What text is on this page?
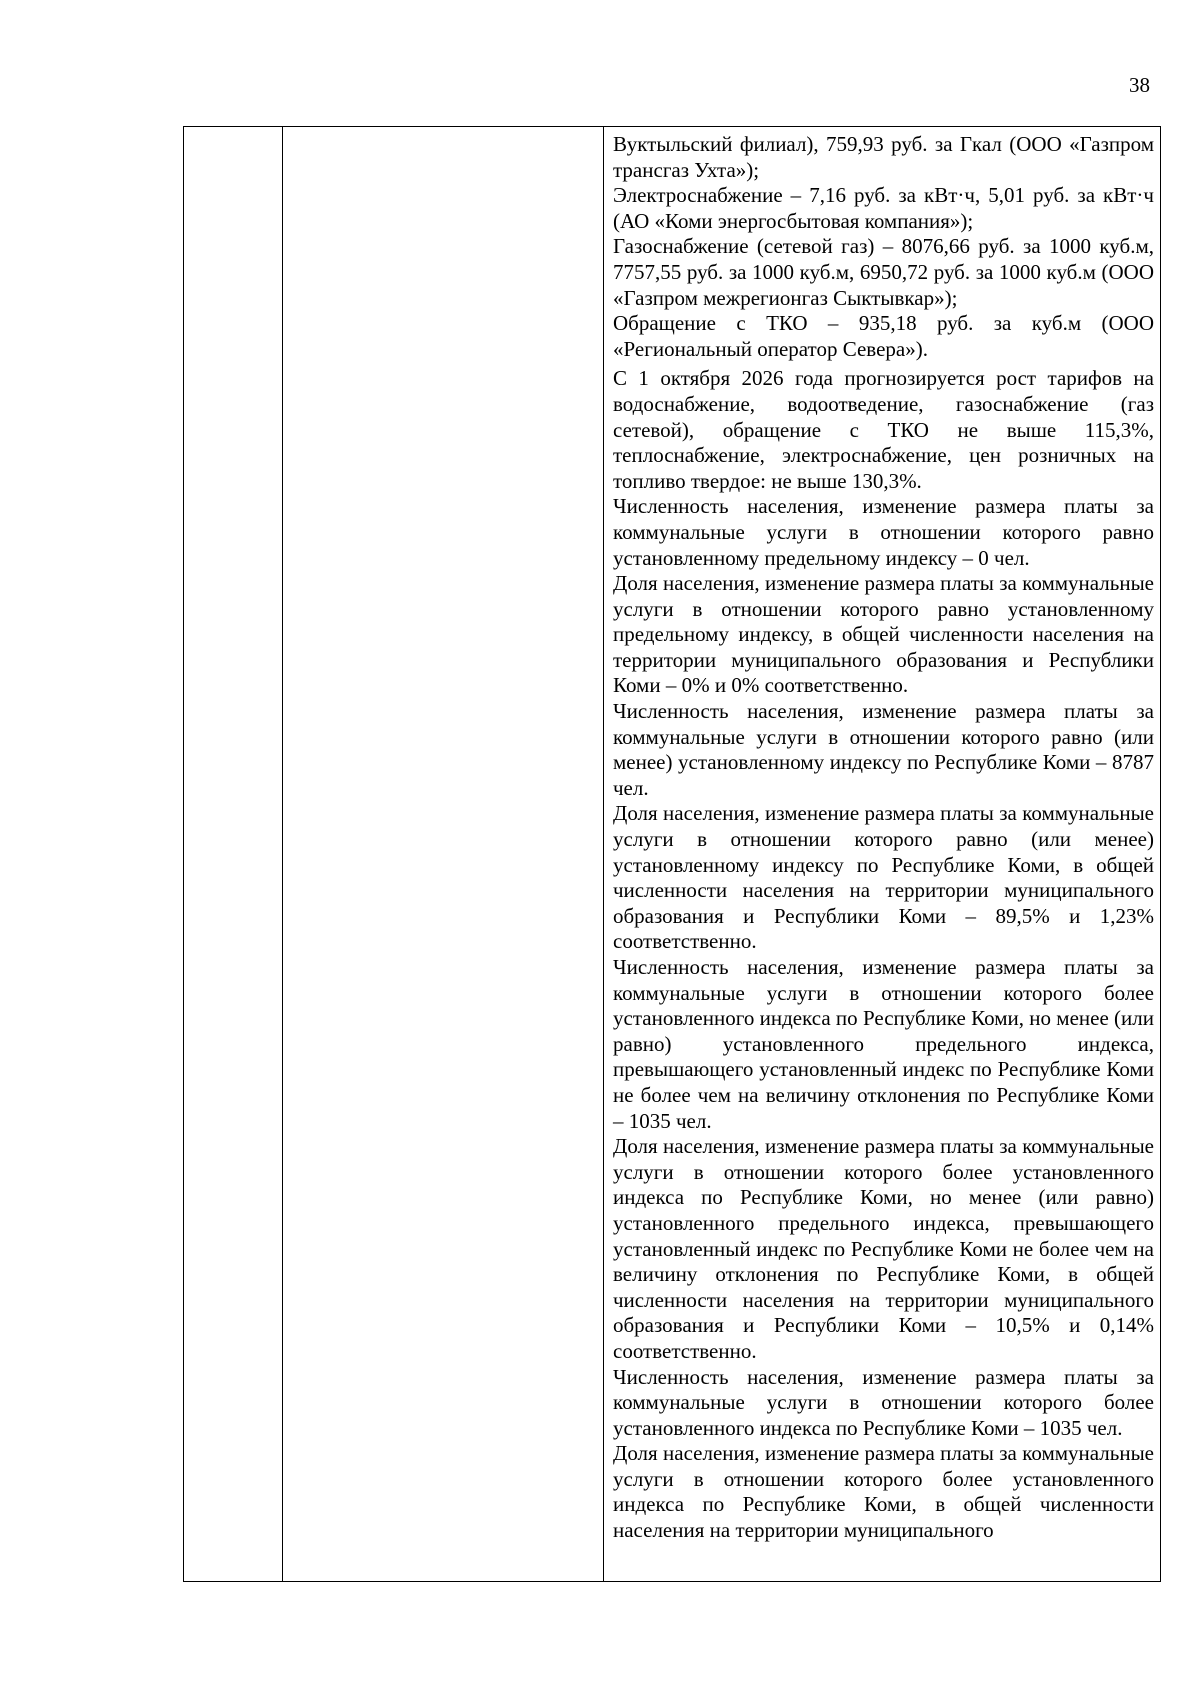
38

Вуктыльский филиал), 759,93 руб. за Гкал (ООО «Газпром трансгаз Ухта»);

Электроснабжение – 7,16 руб. за кВт·ч, 5,01 руб. за кВт·ч (АО «Коми энергосбытовая компания»);

Газоснабжение (сетевой газ) – 8076,66 руб. за 1000 куб.м, 7757,55 руб. за 1000 куб.м, 6950,72 руб. за 1000 куб.м (ООО «Газпром межрегионгаз Сыктывкар»);

Обращение с ТКО – 935,18 руб. за куб.м (ООО «Региональный оператор Севера»).

С 1 октября 2026 года прогнозируется рост тарифов на водоснабжение, водоотведение, газоснабжение (газ сетевой), обращение с ТКО не выше 115,3%, теплоснабжение, электроснабжение, цен розничных на топливо твердое: не выше 130,3%.

Численность населения, изменение размера платы за коммунальные услуги в отношении которого равно установленному предельному индексу – 0 чел.

Доля населения, изменение размера платы за коммунальные услуги в отношении которого равно установленному предельному индексу, в общей численности населения на территории муниципального образования и Республики Коми – 0% и 0% соответственно.

Численность населения, изменение размера платы за коммунальные услуги в отношении которого равно (или менее) установленному индексу по Республике Коми – 8787 чел.

Доля населения, изменение размера платы за коммунальные услуги в отношении которого равно (или менее) установленному индексу по Республике Коми, в общей численности населения на территории муниципального образования и Республики Коми – 89,5% и 1,23% соответственно.

Численность населения, изменение размера платы за коммунальные услуги в отношении которого более установленного индекса по Республике Коми, но менее (или равно) установленного предельного индекса, превышающего установленный индекс по Республике Коми не более чем на величину отклонения по Республике Коми – 1035 чел.

Доля населения, изменение размера платы за коммунальные услуги в отношении которого более установленного индекса по Республике Коми, но менее (или равно) установленного предельного индекса, превышающего установленный индекс по Республике Коми не более чем на величину отклонения по Республике Коми, в общей численности населения на территории муниципального образования и Республики Коми – 10,5% и 0,14% соответственно.

Численность населения, изменение размера платы за коммунальные услуги в отношении которого более установленного индекса по Республике Коми – 1035 чел.

Доля населения, изменение размера платы за коммунальные услуги в отношении которого более установленного индекса по Республике Коми, в общей численности населения на территории муниципального
